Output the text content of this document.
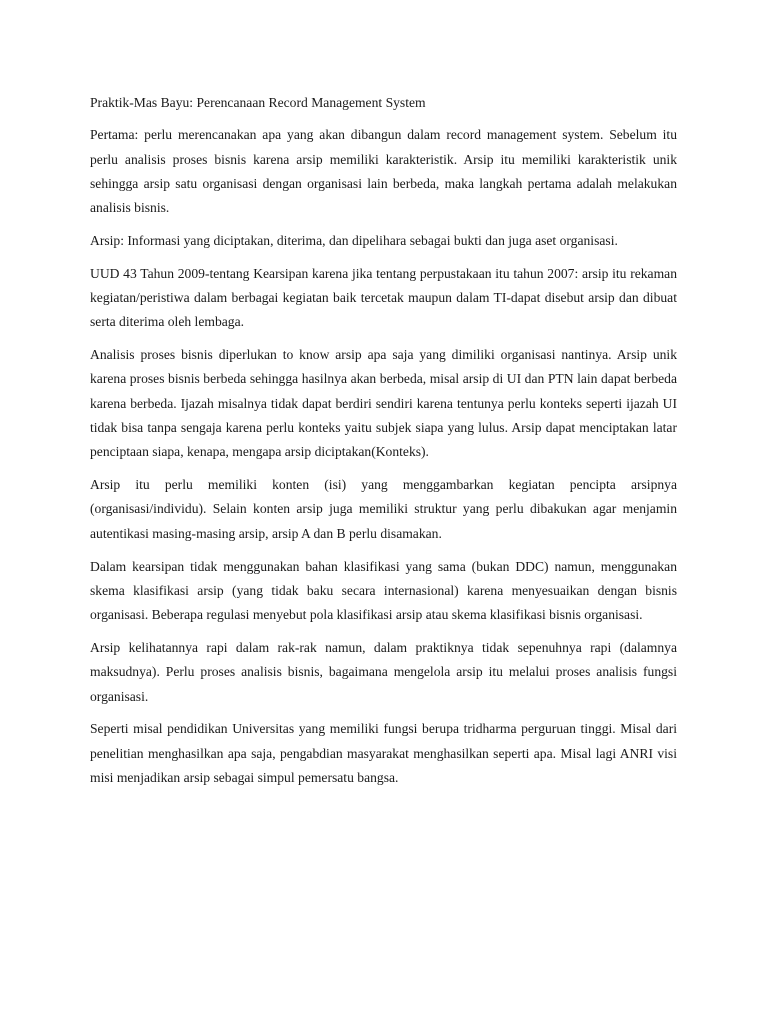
Praktik-Mas Bayu: Perencanaan Record Management System

Pertama: perlu merencanakan apa yang akan dibangun dalam record management system. Sebelum itu perlu analisis proses bisnis karena arsip memiliki karakteristik. Arsip itu memiliki karakteristik unik sehingga arsip satu organisasi dengan organisasi lain berbeda, maka langkah pertama adalah melakukan analisis bisnis.

Arsip: Informasi yang diciptakan, diterima, dan dipelihara sebagai bukti dan juga aset organisasi.

UUD 43 Tahun 2009-tentang Kearsipan karena jika tentang perpustakaan itu tahun 2007: arsip itu rekaman kegiatan/peristiwa dalam berbagai kegiatan baik tercetak maupun dalam TI-dapat disebut arsip dan dibuat serta diterima oleh lembaga.

Analisis proses bisnis diperlukan to know arsip apa saja yang dimiliki organisasi nantinya. Arsip unik karena proses bisnis berbeda sehingga hasilnya akan berbeda, misal arsip di UI dan PTN lain dapat berbeda karena berbeda. Ijazah misalnya tidak dapat berdiri sendiri karena tentunya perlu konteks seperti ijazah UI tidak bisa tanpa sengaja karena perlu konteks yaitu subjek siapa yang lulus. Arsip dapat menciptakan latar penciptaan siapa, kenapa, mengapa arsip diciptakan(Konteks).

Arsip itu perlu memiliki konten (isi) yang menggambarkan kegiatan pencipta arsipnya (organisasi/individu). Selain konten arsip juga memiliki struktur yang perlu dibakukan agar menjamin autentikasi masing-masing arsip, arsip A dan B perlu disamakan.

Dalam kearsipan tidak menggunakan bahan klasifikasi yang sama (bukan DDC) namun, menggunakan skema klasifikasi arsip (yang tidak baku secara internasional) karena menyesuaikan dengan bisnis organisasi. Beberapa regulasi menyebut pola klasifikasi arsip atau skema klasifikasi bisnis organisasi.

Arsip kelihatannya rapi dalam rak-rak namun, dalam praktiknya tidak sepenuhnya rapi (dalamnya maksudnya). Perlu proses analisis bisnis, bagaimana mengelola arsip itu melalui proses analisis fungsi organisasi.

Seperti misal pendidikan Universitas yang memiliki fungsi berupa tridharma perguruan tinggi. Misal dari penelitian menghasilkan apa saja, pengabdian masyarakat menghasilkan seperti apa. Misal lagi ANRI visi misi menjadikan arsip sebagai simpul pemersatu bangsa.
